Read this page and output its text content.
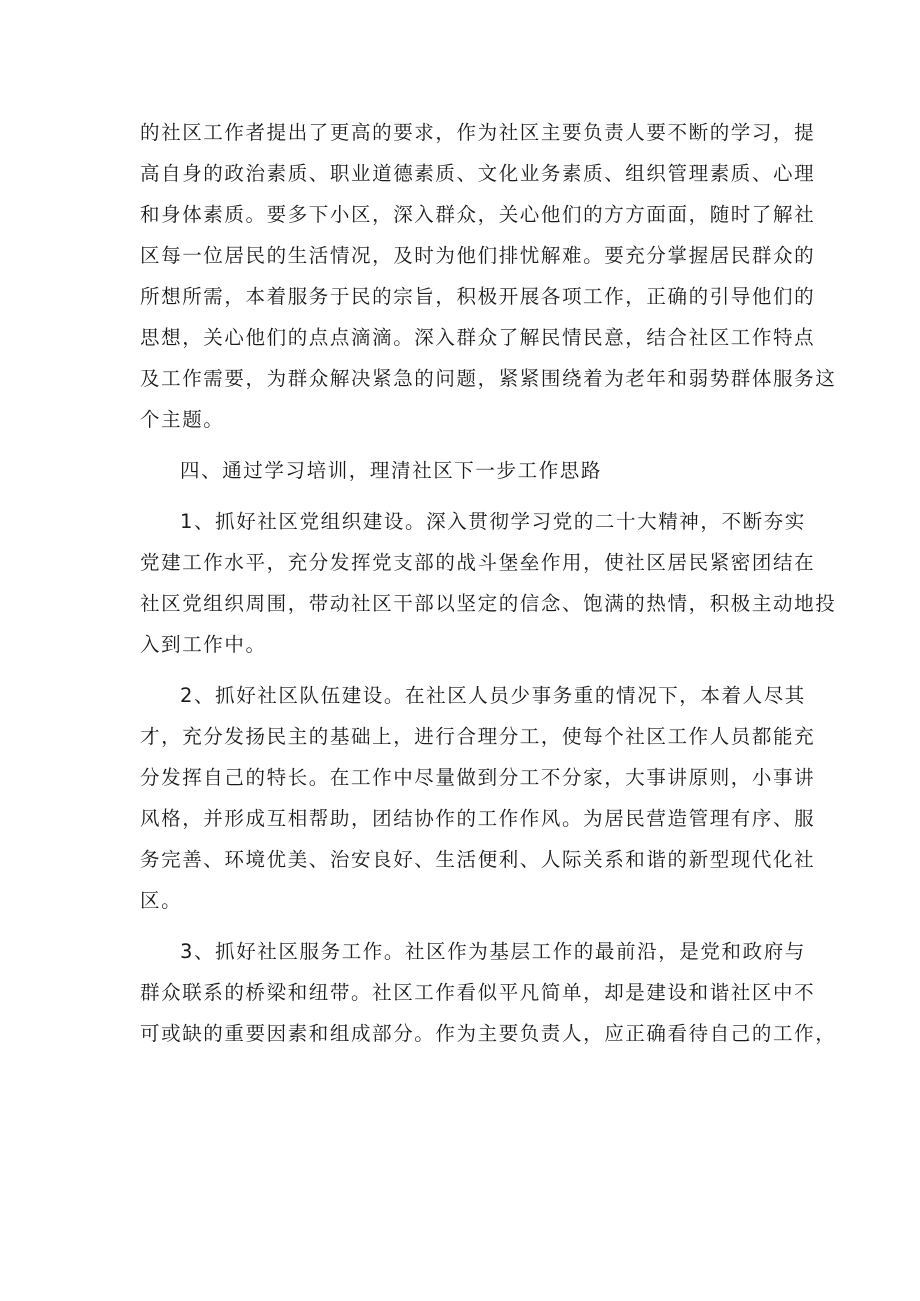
的社区工作者提出了更高的要求，作为社区主要负责人要不断的学习，提
高自身的政治素质、职业道德素质、文化业务素质、组织管理素质、心理
和身体素质。要多下小区，深入群众，关心他们的方方面面，随时了解社
区每一位居民的生活情况，及时为他们排忧解难。要充分掌握居民群众的
所想所需，本着服务于民的宗旨，积极开展各项工作，正确的引导他们的
思想，关心他们的点点滴滴。深入群众了解民情民意，结合社区工作特点
及工作需要，为群众解决紧急的问题，紧紧围绕着为老年和弱势群体服务这
个主题。
四、通过学习培训，理清社区下一步工作思路
1、抓好社区党组织建设。深入贯彻学习党的二十大精神，不断夯实
党建工作水平，充分发挥党支部的战斗堡垒作用，使社区居民紧密团结在
社区党组织周围，带动社区干部以坚定的信念、饱满的热情，积极主动地投
入到工作中。
2、抓好社区队伍建设。在社区人员少事务重的情况下，本着人尽其
才，充分发扬民主的基础上，进行合理分工，使每个社区工作人员都能充
分发挥自己的特长。在工作中尽量做到分工不分家，大事讲原则，小事讲
风格，并形成互相帮助，团结协作的工作作风。为居民营造管理有序、服
务完善、环境优美、治安良好、生活便利、人际关系和谐的新型现代化社
区。
3、抓好社区服务工作。社区作为基层工作的最前沿，是党和政府与
群众联系的桥梁和纽带。社区工作看似平凡简单，却是建设和谐社区中不
可或缺的重要因素和组成部分。作为主要负责人，应正确看待自己的工作，
